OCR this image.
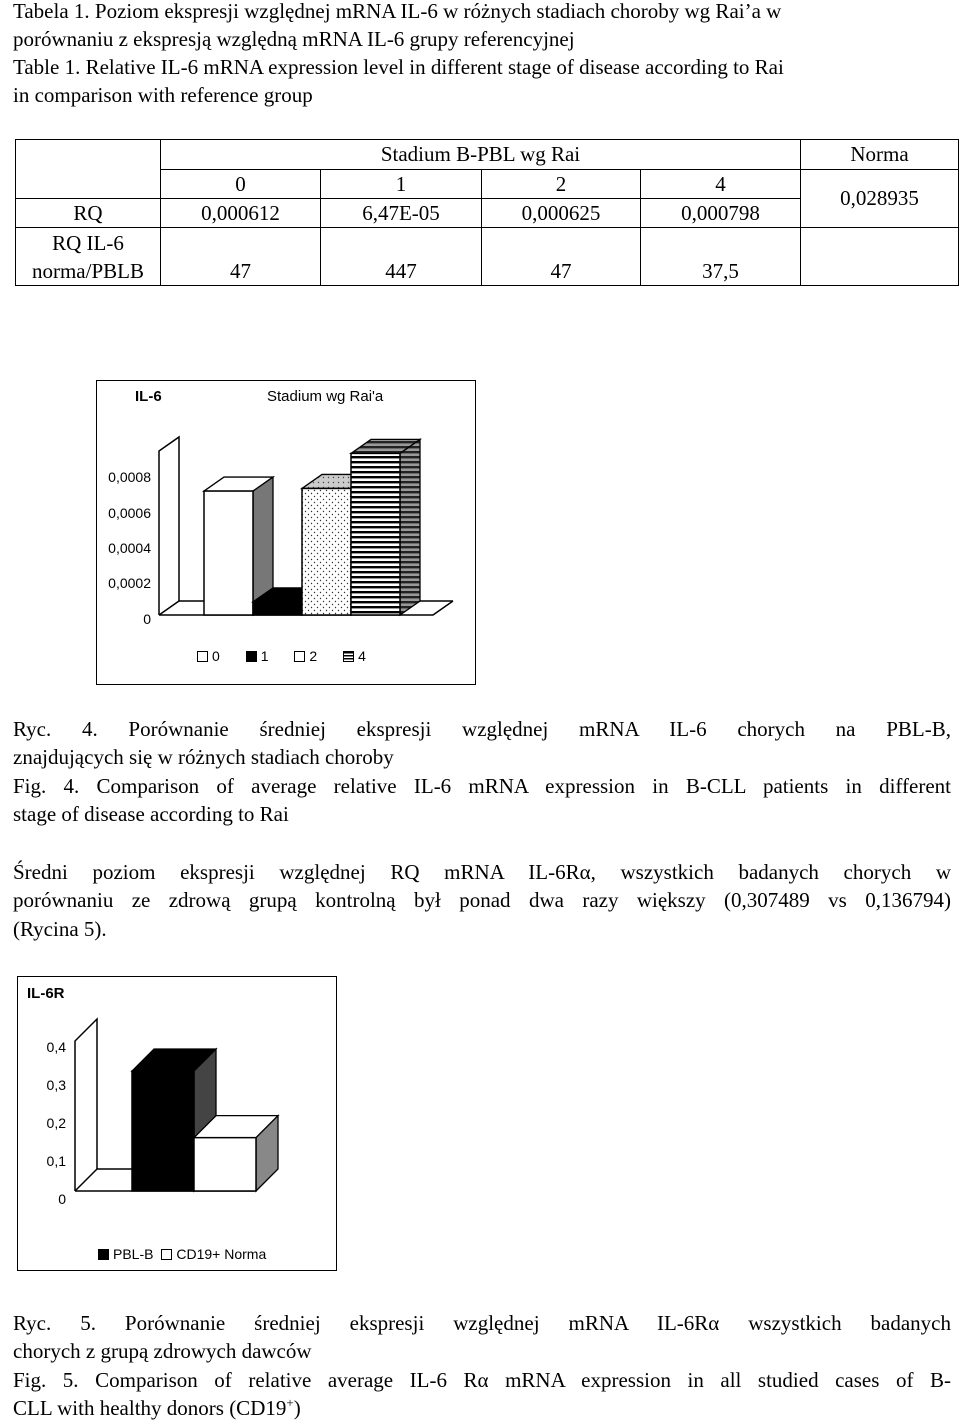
Tabela 1. Poziom ekspresji względnej mRNA IL-6 w różnych stadiach choroby wg Rai’a w
porównaniu z ekspresją względną mRNA IL-6 grupy referencyjnej
Table 1. Relative IL-6 mRNA expression level in different stage of disease according to Rai
in comparison with reference group
	Stadium B-PBL wg Rai				Norma
	0	1	2	4	0,028935
RQ	0,000612	6,47E-05	0,000625	0,000798	

RQ IL-6
norma/PBLB	47	447	47	37,5	
IL-6	Stadium wg Rai'a
0,0008
0,0006
0,0004
0,0002
0
0	1	2	4
Ryc. 4. Porównanie średniej ekspresji względnej mRNA IL-6 chorych na PBL-B,
znajdujących się w różnych stadiach choroby
Fig. 4. Comparison of average relative IL-6 mRNA expression in B-CLL patients in different
stage of disease according to Rai
Średni poziom ekspresji względnej RQ mRNA IL-6Rα, wszystkich badanych chorych w
porównaniu ze zdrową grupą kontrolną był ponad dwa razy większy (0,307489 vs 0,136794)
(Rycina 5).
IL-6R
0,4
0,3
0,2
0,1
0
PBL-B CD19+ Norma
Ryc. 5. Porównanie średniej ekspresji względnej mRNA IL-6Rα wszystkich badanych
chorych z grupą zdrowych dawców
Fig. 5. Comparison of relative average IL-6 Rα mRNA expression in all studied cases of B-
CLL with healthy donors (CD19+)
